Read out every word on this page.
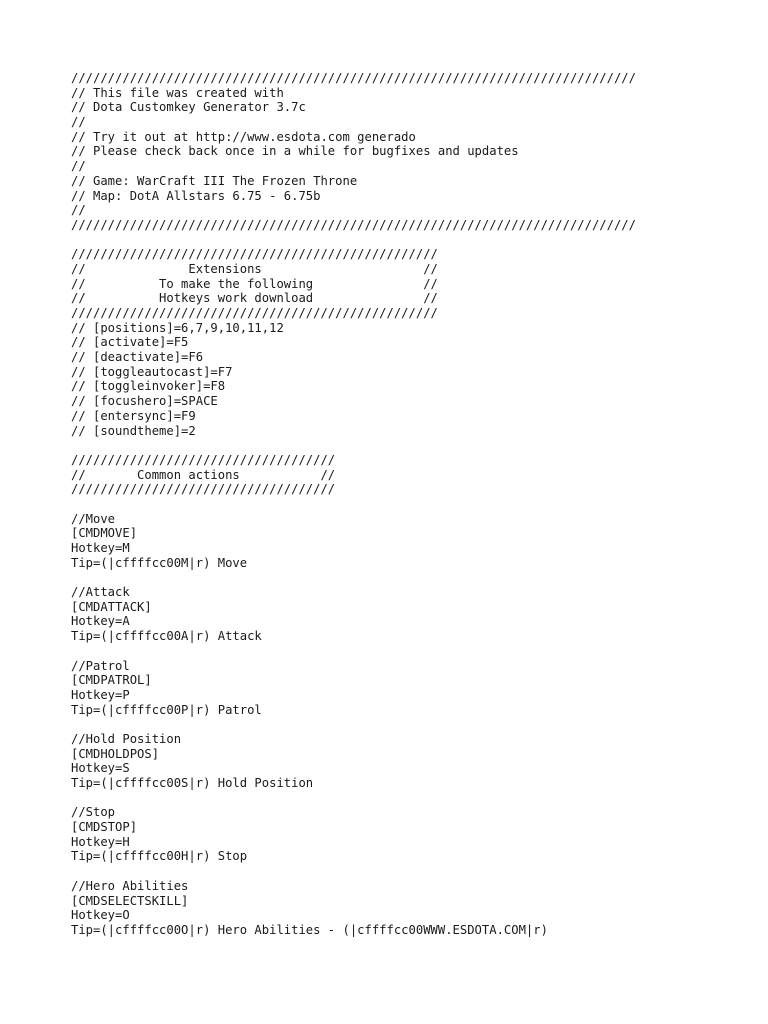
/////////////////////////////////////////////////////////////////////////////
// This file was created with
// Dota Customkey Generator 3.7c
//
// Try it out at http://www.esdota.com generado
// Please check back once in a while for bugfixes and updates
//
// Game: WarCraft III The Frozen Throne
// Map: DotA Allstars 6.75 - 6.75b
//
/////////////////////////////////////////////////////////////////////////////
//////////////////////////////////////////////////
//              Extensions                      //
//          To make the following               //
//          Hotkeys work download               //
//////////////////////////////////////////////////
// [positions]=6,7,9,10,11,12
// [activate]=F5
// [deactivate]=F6
// [toggleautocast]=F7
// [toggleinvoker]=F8
// [focushero]=SPACE
// [entersync]=F9
// [soundtheme]=2
////////////////////////////////////
//       Common actions           //
////////////////////////////////////
//Move
[CMDMOVE]
Hotkey=M
Tip=(|cffffcc00M|r) Move
//Attack
[CMDATTACK]
Hotkey=A
Tip=(|cffffcc00A|r) Attack
//Patrol
[CMDPATROL]
Hotkey=P
Tip=(|cffffcc00P|r) Patrol
//Hold Position
[CMDHOLDPOS]
Hotkey=S
Tip=(|cffffcc00S|r) Hold Position
//Stop
[CMDSTOP]
Hotkey=H
Tip=(|cffffcc00H|r) Stop
//Hero Abilities
[CMDSELECTSKILL]
Hotkey=O
Tip=(|cffffcc00O|r) Hero Abilities - (|cffffcc00WWW.ESDOTA.COM|r)
